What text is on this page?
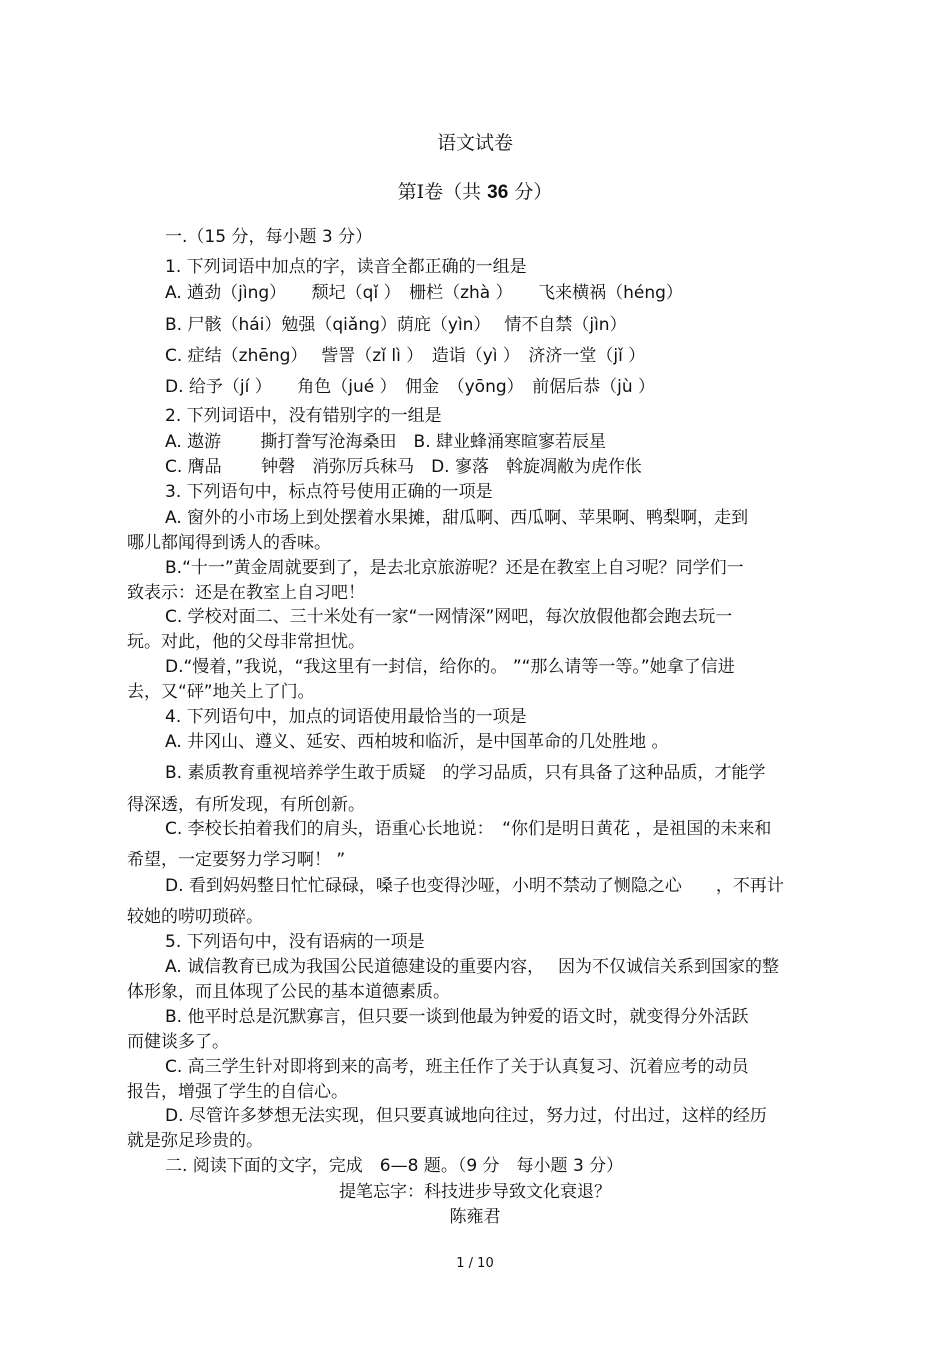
语文试卷
第Ⅰ卷（共 36 分）
一.（15 分，每小题 3 分）
1. 下列词语中加点的字，读音全都正确的一组是
A. 遒劲（jìng）　　颓圮（qǐ ）　栅栏（zhà ）　　飞来横祸（héng）
B. 尸骸（hái）勉强（qiǎng）荫庇（yìn）　 情不自禁（jìn）
C. 症结（zhēng）　 訾詈（zǐ lì ）　造诣（yì ）　济济一堂（jǐ ）
D. 给予（jí ）　　角色（jué ）　佣金　（yōng）　前倨后恭（jù ）
2. 下列词语中，没有错别字的一组是
A. 遨游　　 撕打誊写沧海桑田　B. 肆业蜂涌寒暄寥若辰星
C. 膺品　　 钟磬　消弥厉兵秣马　D. 寥落　斡旋凋敝为虎作伥
3. 下列语句中，标点符号使用正确的一项是
A. 窗外的小市场上到处摆着水果摊，甜瓜啊、西瓜啊、苹果啊、鸭梨啊，走到
哪儿都闻得到诱人的香味。
B.“十一”黄金周就要到了，是去北京旅游呢？还是在教室上自习呢？同学们一
致表示：还是在教室上自习吧！
C. 学校对面二、三十米处有一家“一网情深”网吧，每次放假他都会跑去玩一
玩。对此，他的父母非常担忧。
D.“慢着，”我说，“我这里有一封信，给你的。 ”“那么请等一等。”她拿了信进
去，又“砰”地关上了门。
4. 下列语句中，加点的词语使用最恰当的一项是
A. 井冈山、遵义、延安、西柏坡和临沂，是中国革命的几处胜地 。
B. 素质教育重视培养学生敢于质疑　的学习品质，只有具备了这种品质，才能学
得深透，有所发现，有所创新。
C. 李校长拍着我们的肩头，语重心长地说：　“你们是明日黄花 ，是祖国的未来和
希望，一定要努力学习啊！ ”
D. 看到妈妈整日忙忙碌碌，嗓子也变得沙哑，小明不禁动了恻隐之心　　，不再计
较她的唠叨琐碎。
5. 下列语句中，没有语病的一项是
A. 诚信教育已成为我国公民道德建设的重要内容，　 因为不仅诚信关系到国家的整
体形象，而且体现了公民的基本道德素质。
B. 他平时总是沉默寡言，但只要一谈到他最为钟爱的语文时，就变得分外活跃
而健谈多了。
C. 高三学生针对即将到来的高考，班主任作了关于认真复习、沉着应考的动员
报告，增强了学生的自信心。
D. 尽管许多梦想无法实现，但只要真诚地向往过，努力过，付出过，这样的经历
就是弥足珍贵的。
二. 阅读下面的文字，完成　6—8 题。（9 分　每小题 3 分）
提笔忘字：科技进步导致文化衰退？
陈雍君
1 / 10
